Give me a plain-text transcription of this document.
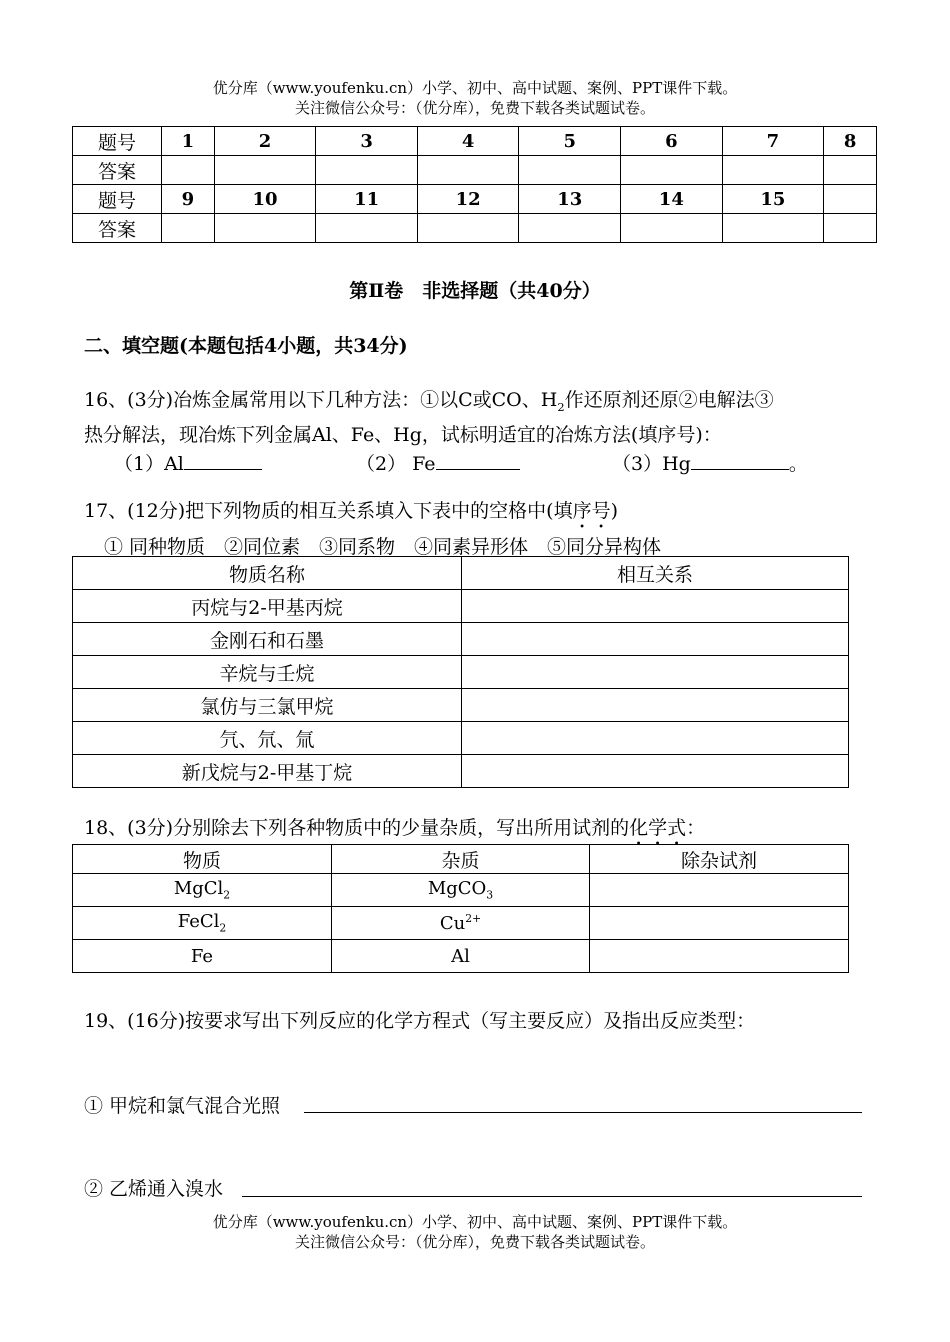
优分库（www.youfenku.cn）小学、初中、高中试题、案例、PPT课件下载。
关注微信公众号：（优分库），免费下载各类试题试卷。
题号	1	2	3	4	5	6	7	8
答案								
题号	9	10	11	12	13	14	15	
答案								
第Ⅱ卷　非选择题（共40分）
二、填空题(本题包括4小题，共34分)
16、(3分)冶炼金属常用以下几种方法：①以C或CO、$H_2$作还原剂还原②电解法③
热分解法，现冶炼下列金属Al、Fe、Hg，试标明适宜的冶炼方法(填序号)：
（1）Al	（2） Fe	（3）Hg	。
17、(12分)把下列物质的相互关系填入下表中的空格中(填序号)
① 同种物质　②同位素　③同系物　④同素异形体　⑤同分异构体
物质名称	相互关系
丙烷与2-甲基丙烷	
金刚石和石墨	
辛烷与壬烷	
氯仿与三氯甲烷	
氕、氘、氚	
新戊烷与2-甲基丁烷	
18、(3分)分别除去下列各种物质中的少量杂质，写出所用试剂的化学式：
物质	杂质	除杂试剂
MgCl$_2$	MgCO$_3$	
FeCl$_2$	$Cu^{2+}$	
Fe	Al	
19、(16分)按要求写出下列反应的化学方程式（写主要反应）及指出反应类型：
① 甲烷和氯气混合光照
② 乙烯通入溴水
优分库（www.youfenku.cn）小学、初中、高中试题、案例、PPT课件下载。
关注微信公众号：（优分库），免费下载各类试题试卷。
